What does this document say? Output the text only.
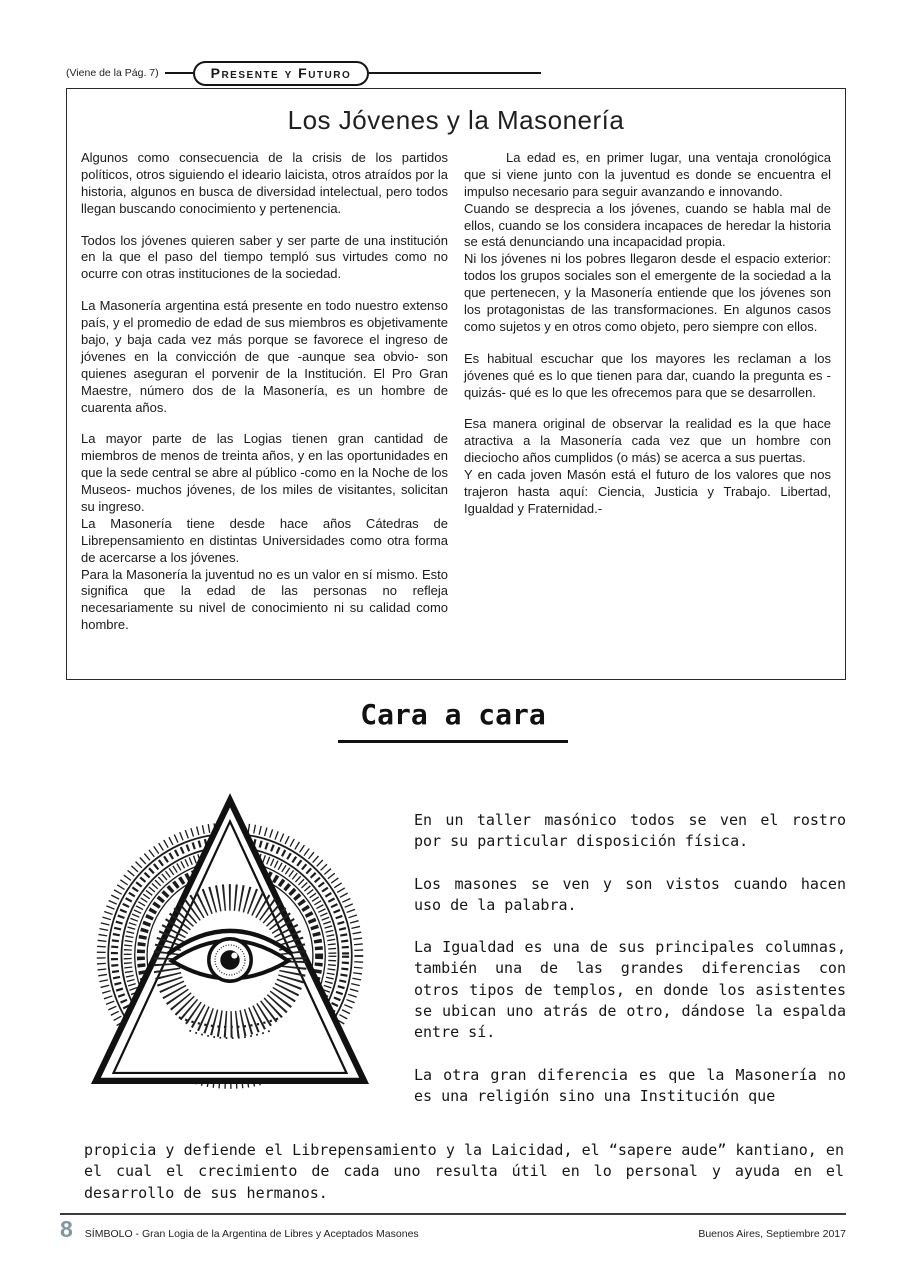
(Viene de la Pág. 7)	Presente y Futuro
Los Jóvenes y la Masonería

Algunos como consecuencia de la crisis de los partidos políticos, otros siguiendo el ideario laicista, otros atraídos por la historia, algunos en busca de diversidad intelectual, pero todos llegan buscando conocimiento y pertenencia.

Todos los jóvenes quieren saber y ser parte de una institución en la que el paso del tiempo templó sus virtudes como no ocurre con otras instituciones de la sociedad.

La Masonería argentina está presente en todo nuestro extenso país, y el promedio de edad de sus miembros es objetivamente bajo, y baja cada vez más porque se favorece el ingreso de jóvenes en la convicción de que -aunque sea obvio- son quienes aseguran el porvenir de la Institución. El Pro Gran Maestre, número dos de la Masonería, es un hombre de cuarenta años.

La mayor parte de las Logias tienen gran cantidad de miembros de menos de treinta años, y en las oportunidades en que la sede central se abre al público -como en la Noche de los Museos- muchos jóvenes, de los miles de visitantes, solicitan su ingreso.

La Masonería tiene desde hace años Cátedras de Librepensamiento en distintas Universidades como otra forma de acercarse a los jóvenes.

Para la Masonería la juventud no es un valor en sí mismo. Esto significa que la edad de las personas no refleja necesariamente su nivel de conocimiento ni su calidad como hombre.

La edad es, en primer lugar, una ventaja cronológica que si viene junto con la juventud es donde se encuentra el impulso necesario para seguir avanzando e innovando.

Cuando se desprecia a los jóvenes, cuando se habla mal de ellos, cuando se los considera incapaces de heredar la historia se está denunciando una incapacidad propia.

Ni los jóvenes ni los pobres llegaron desde el espacio exterior: todos los grupos sociales son el emergente de la sociedad a la que pertenecen, y la Masonería entiende que los jóvenes son los protagonistas de las transformaciones. En algunos casos como sujetos y en otros como objeto, pero siempre con ellos.

Es habitual escuchar que los mayores les reclaman a los jóvenes qué es lo que tienen para dar, cuando la pregunta es -quizás- qué es lo que les ofrecemos para que se desarrollen.

Esa manera original de observar la realidad es la que hace atractiva a la Masonería cada vez que un hombre con dieciocho años cumplidos (o más) se acerca a sus puertas.

Y en cada joven Masón está el futuro de los valores que nos trajeron hasta aquí: Ciencia, Justicia y Trabajo. Libertad, Igualdad y Fraternidad.-

Cara a cara

En un taller masónico todos se ven el rostro por su particular disposición física.

Los masones se ven y son vistos cuando hacen uso de la palabra.

La Igualdad es una de sus principales columnas, también una de las grandes diferencias con otros tipos de templos, en donde los asistentes se ubican uno atrás de otro, dándose la espalda entre sí.

La otra gran diferencia es que la Masonería no es una religión sino una Institución que

propicia y defiende el Librepensamiento y la Laicidad, el “sapere aude” kantiano, en el cual el crecimiento de cada uno resulta útil en lo personal y ayuda en el desarrollo de sus hermanos.

8 SÍMBOLO - Gran Logia de la Argentina de Libres y Aceptados Masones	Buenos Aires, Septiembre 2017
